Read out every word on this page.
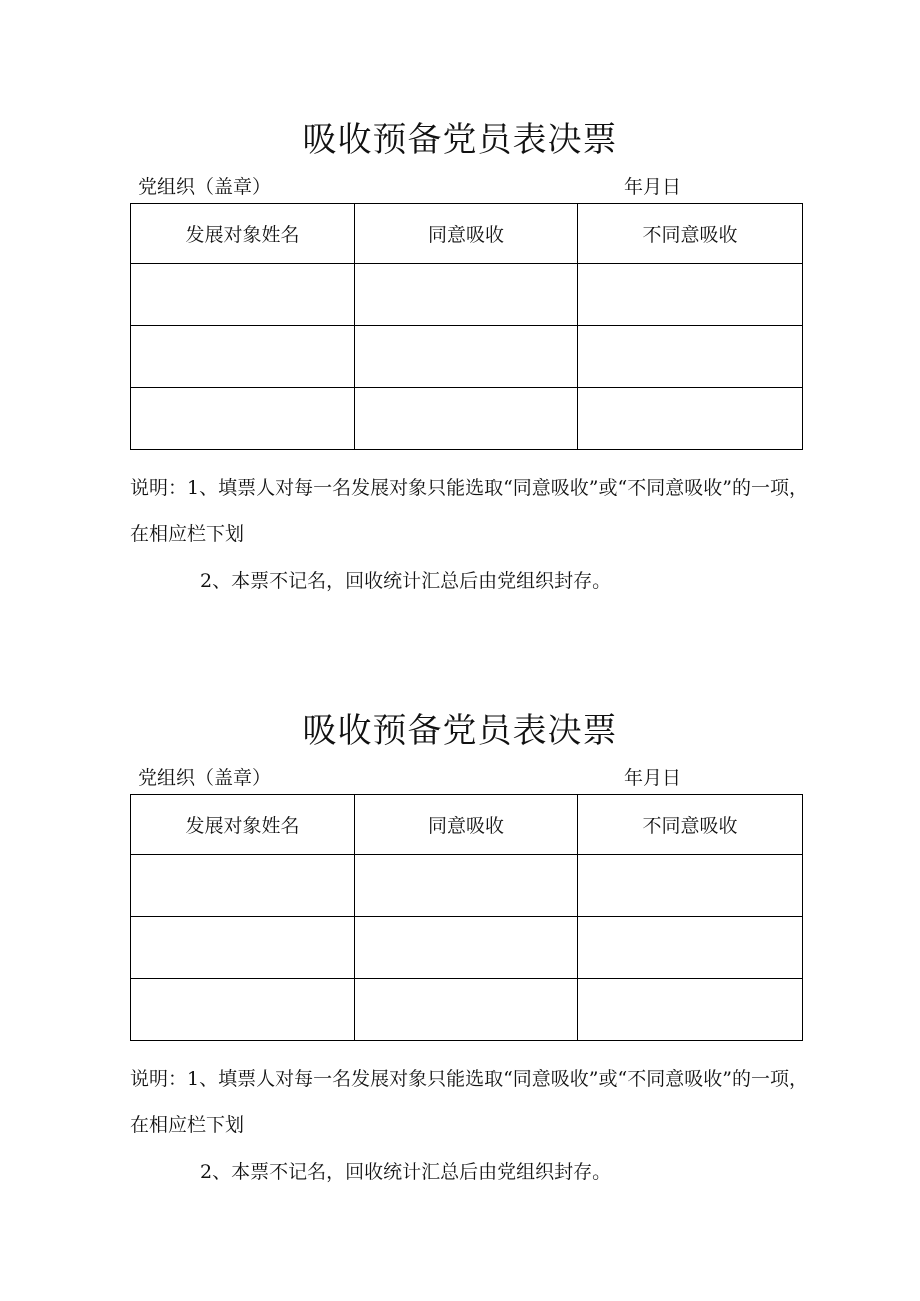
吸收预备党员表决票
党组织（盖章）	年月日
发展对象姓名	同意吸收	不同意吸收

说明：1、填票人对每一名发展对象只能选取“同意吸收”或“不同意吸收”的一项，在相应栏下划
2、本票不记名，回收统计汇总后由党组织封存。
吸收预备党员表决票
党组织（盖章）	年月日
发展对象姓名	同意吸收	不同意吸收

说明：1、填票人对每一名发展对象只能选取“同意吸收”或“不同意吸收”的一项，在相应栏下划
2、本票不记名，回收统计汇总后由党组织封存。
